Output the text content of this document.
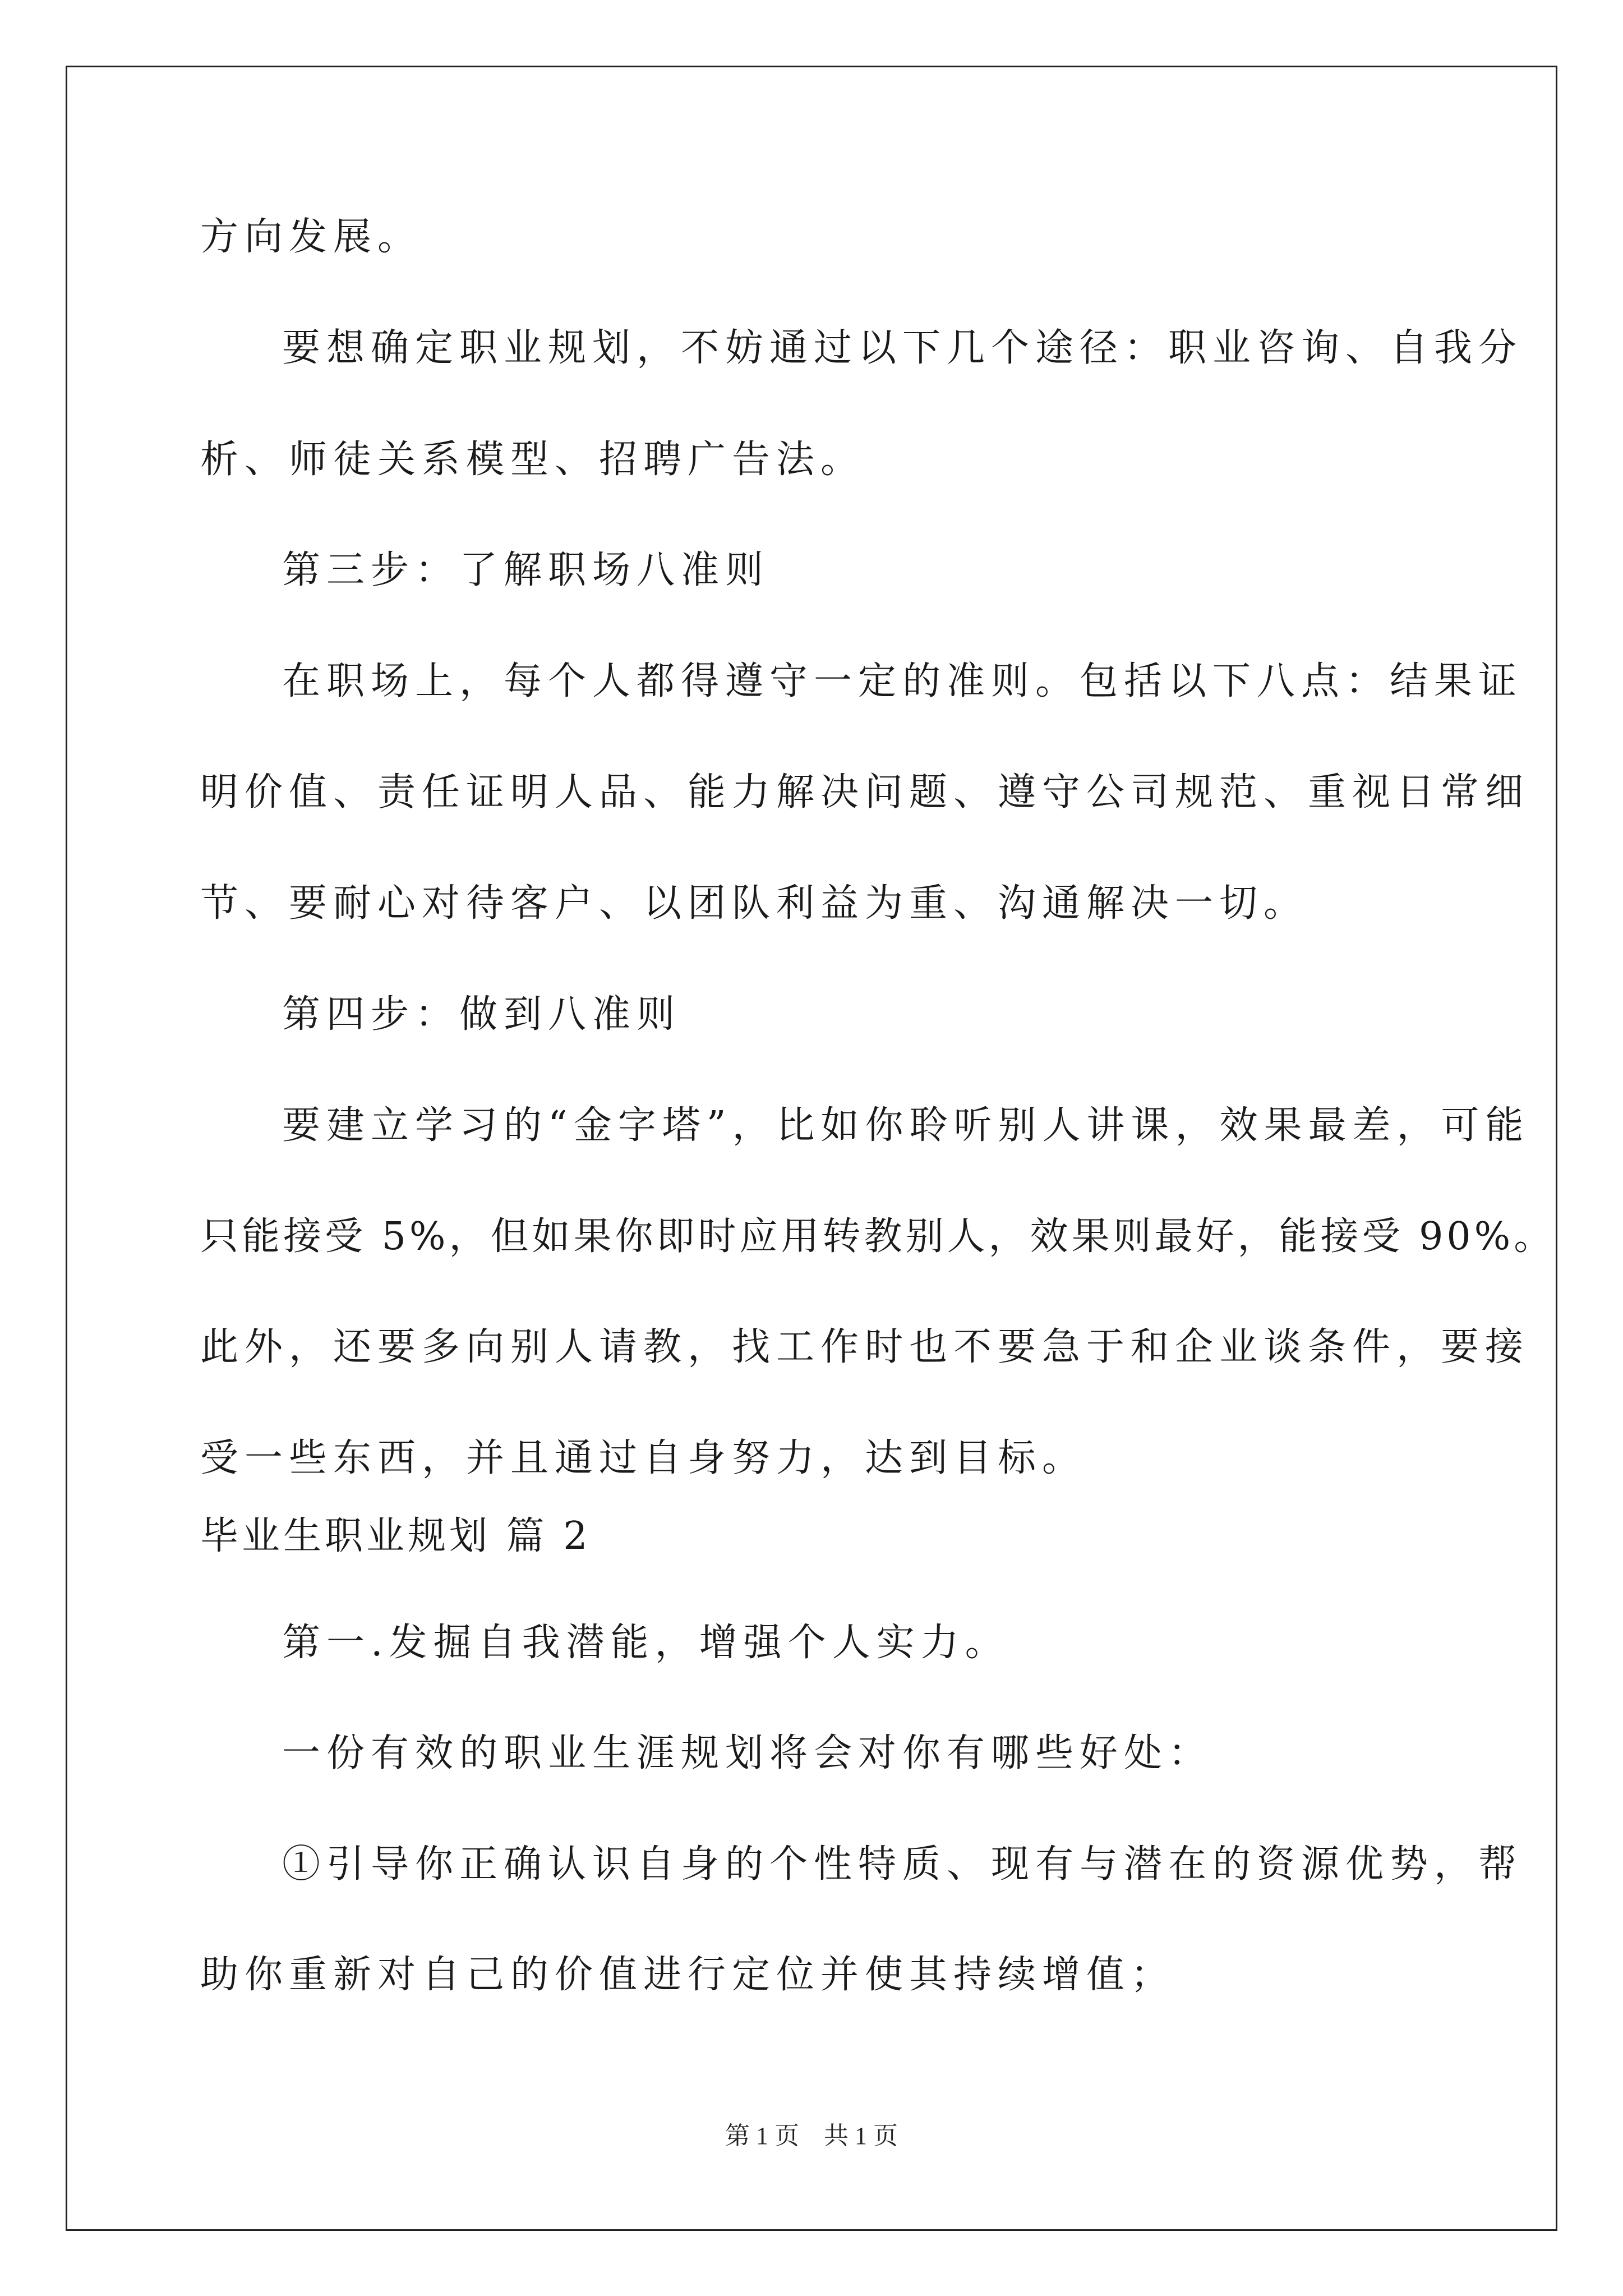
方向发展。
要想确定职业规划，不妨通过以下几个途径：职业咨询、自我分
析、师徒关系模型、招聘广告法。
第三步：了解职场八准则
在职场上，每个人都得遵守一定的准则。包括以下八点：结果证
明价值、责任证明人品、能力解决问题、遵守公司规范、重视日常细
节、要耐心对待客户、以团队利益为重、沟通解决一切。
第四步：做到八准则
要建立学习的“金字塔”，比如你聆听别人讲课，效果最差，可能
只能接受 5%，但如果你即时应用转教别人，效果则最好，能接受 90%。
此外，还要多向别人请教，找工作时也不要急于和企业谈条件，要接
受一些东西，并且通过自身努力，达到目标。
毕业生职业规划 篇 2
第一.发掘自我潜能，增强个人实力。
一份有效的职业生涯规划将会对你有哪些好处：
①引导你正确认识自身的个性特质、现有与潜在的资源优势，帮
助你重新对自己的价值进行定位并使其持续增值；
第 1 页　共 1 页
